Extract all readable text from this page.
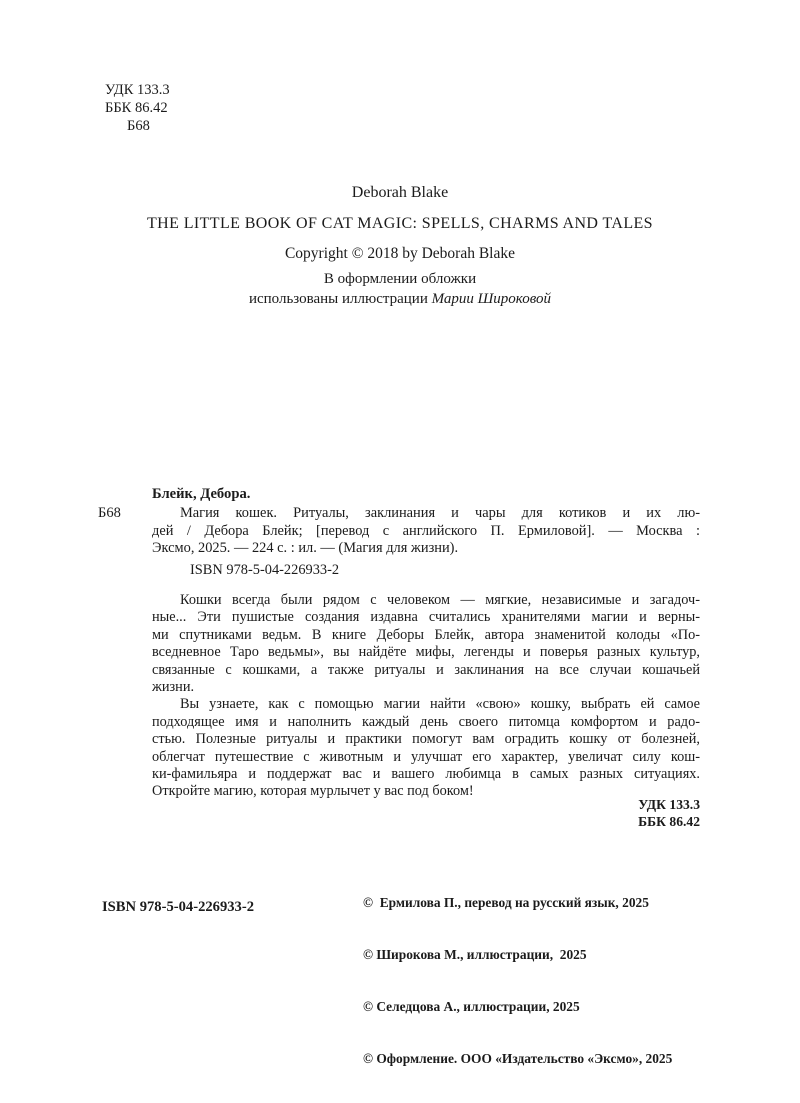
УДК 133.3
ББК 86.42
Б68
Deborah Blake
THE LITTLE BOOK OF CAT MAGIC: SPELLS, CHARMS AND TALES
Copyright © 2018 by Deborah Blake
В оформлении обложки
использованы иллюстрации Марии Широковой
Блейк, Дебора.
Б68	Магия кошек. Ритуалы, заклинания и чары для котиков и их лю-
дей / Дебора Блейк; [перевод с английского П. Ермиловой]. — Москва :
Эксмо, 2025. — 224 с. : ил. — (Магия для жизни).
ISBN 978-5-04-226933-2
Кошки всегда были рядом с человеком — мягкие, независимые и загадоч-
ные... Эти пушистые создания издавна считались хранителями магии и верны-
ми спутниками ведьм. В книге Деборы Блейк, автора знаменитой колоды «По-
вседневное Таро ведьмы», вы найдёте мифы, легенды и поверья разных культур,
связанные с кошками, а также ритуалы и заклинания на все случаи кошачьей
жизни.
Вы узнаете, как с помощью магии найти «свою» кошку, выбрать ей самое
подходящее имя и наполнить каждый день своего питомца комфортом и радо-
стью. Полезные ритуалы и практики помогут вам оградить кошку от болезней,
облегчат путешествие с животным и улучшат его характер, увеличат силу кош-
ки-фамильяра и поддержат вас и вашего любимца в самых разных ситуациях.
Откройте магию, которая мурлычет у вас под боком!
УДК 133.3
ББК 86.42
ISBN 978-5-04-226933-2

	©  Ермилова П., перевод на русский язык, 2025

© Широкова М., иллюстрации,  2025

© Селедцова А., иллюстрации, 2025

© Оформление. ООО «Издательство «Эксмо», 2025
